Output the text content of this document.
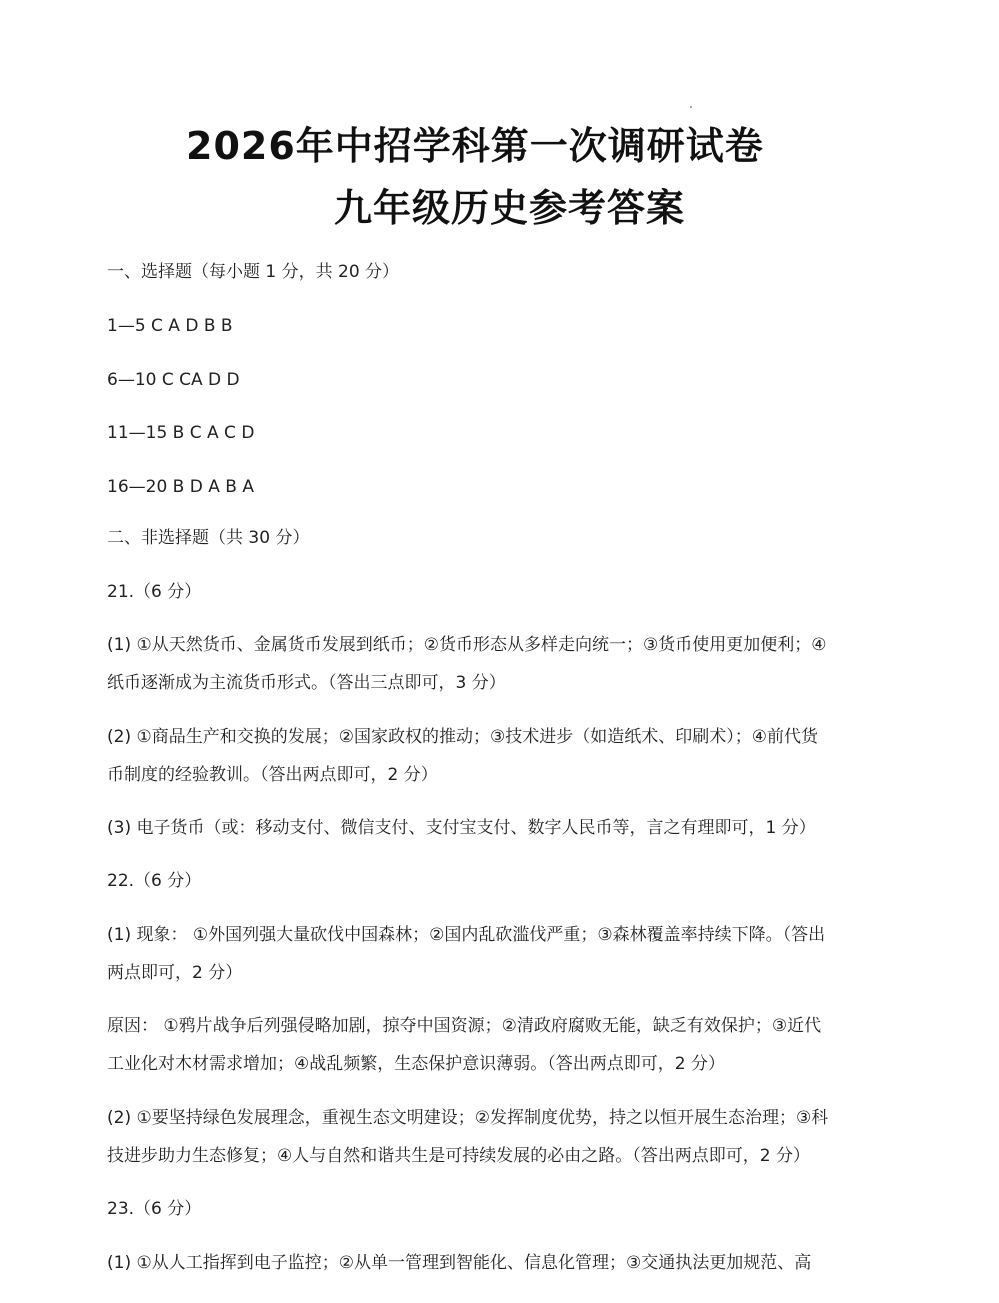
2026年中招学科第一次调研试卷
九年级历史参考答案
一、选择题（每小题 1 分，共 20 分）
1—5 C A D B B
6—10 C CA D D
11—15 B C A C D
16—20 B D A B A
二、非选择题（共 30 分）
21.（6 分）
(1) ①从天然货币、金属货币发展到纸币；②货币形态从多样走向统一；③货币使用更加便利；④
纸币逐渐成为主流货币形式。（答出三点即可，3 分）
(2) ①商品生产和交换的发展；②国家政权的推动；③技术进步（如造纸术、印刷术）；④前代货
币制度的经验教训。（答出两点即可，2 分）
(3) 电子货币（或：移动支付、微信支付、支付宝支付、数字人民币等，言之有理即可，1 分）
22.（6 分）
(1) 现象： ①外国列强大量砍伐中国森林；②国内乱砍滥伐严重；③森林覆盖率持续下降。（答出
两点即可，2 分）
原因： ①鸦片战争后列强侵略加剧，掠夺中国资源；②清政府腐败无能，缺乏有效保护；③近代
工业化对木材需求增加；④战乱频繁，生态保护意识薄弱。（答出两点即可，2 分）
(2) ①要坚持绿色发展理念，重视生态文明建设；②发挥制度优势，持之以恒开展生态治理；③科
技进步助力生态修复；④人与自然和谐共生是可持续发展的必由之路。（答出两点即可，2 分）
23.（6 分）
(1) ①从人工指挥到电子监控；②从单一管理到智能化、信息化管理；③交通执法更加规范、高
